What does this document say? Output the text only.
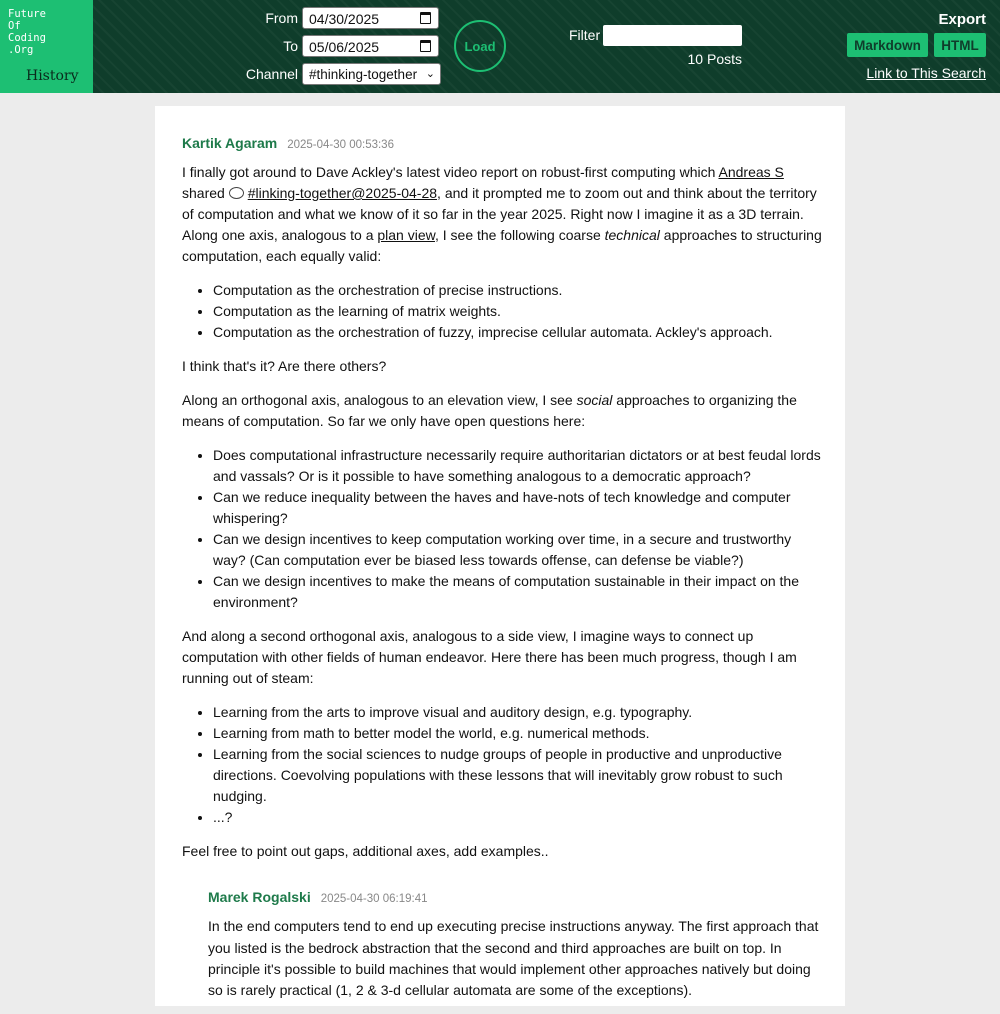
Future
Of
Coding
.Org
History
From 04/30/2025
To 05/06/2025
Channel #thinking-together ⌄
Load
Filter
10 Posts
Export
Markdown	HTML
Link to This Search
Kartik Agaram 2025-04-30 00:53:36

I finally got around to Dave Ackley's latest video report on robust-first computing which Andreas S shared #linking-together@2025-04-28, and it prompted me to zoom out and think about the territory of computation and what we know of it so far in the year 2025. Right now I imagine it as a 3D terrain. Along one axis, analogous to a plan view, I see the following coarse technical approaches to structuring computation, each equally valid:

• Computation as the orchestration of precise instructions.
• Computation as the learning of matrix weights.
• Computation as the orchestration of fuzzy, imprecise cellular automata. Ackley's approach.

I think that's it? Are there others?

Along an orthogonal axis, analogous to an elevation view, I see social approaches to organizing the means of computation. So far we only have open questions here:

• Does computational infrastructure necessarily require authoritarian dictators or at best feudal lords and vassals? Or is it possible to have something analogous to a democratic approach?
• Can we reduce inequality between the haves and have-nots of tech knowledge and computer whispering?
• Can we design incentives to keep computation working over time, in a secure and trustworthy way? (Can computation ever be biased less towards offense, can defense be viable?)
• Can we design incentives to make the means of computation sustainable in their impact on the environment?

And along a second orthogonal axis, analogous to a side view, I imagine ways to connect up computation with other fields of human endeavor. Here there has been much progress, though I am running out of steam:

• Learning from the arts to improve visual and auditory design, e.g. typography.
• Learning from math to better model the world, e.g. numerical methods.
• Learning from the social sciences to nudge groups of people in productive and unproductive directions. Coevolving populations with these lessons that will inevitably grow robust to such nudging.
• ...?

Feel free to point out gaps, additional axes, add examples..

Marek Rogalski 2025-04-30 06:19:41

In the end computers tend to end up executing precise instructions anyway. The first approach that you listed is the bedrock abstraction that the second and third approaches are built on top. In principle it's possible to build machines that would implement other approaches natively but doing so is rarely practical (1, 2 & 3-d cellular automata are some of the exceptions).
